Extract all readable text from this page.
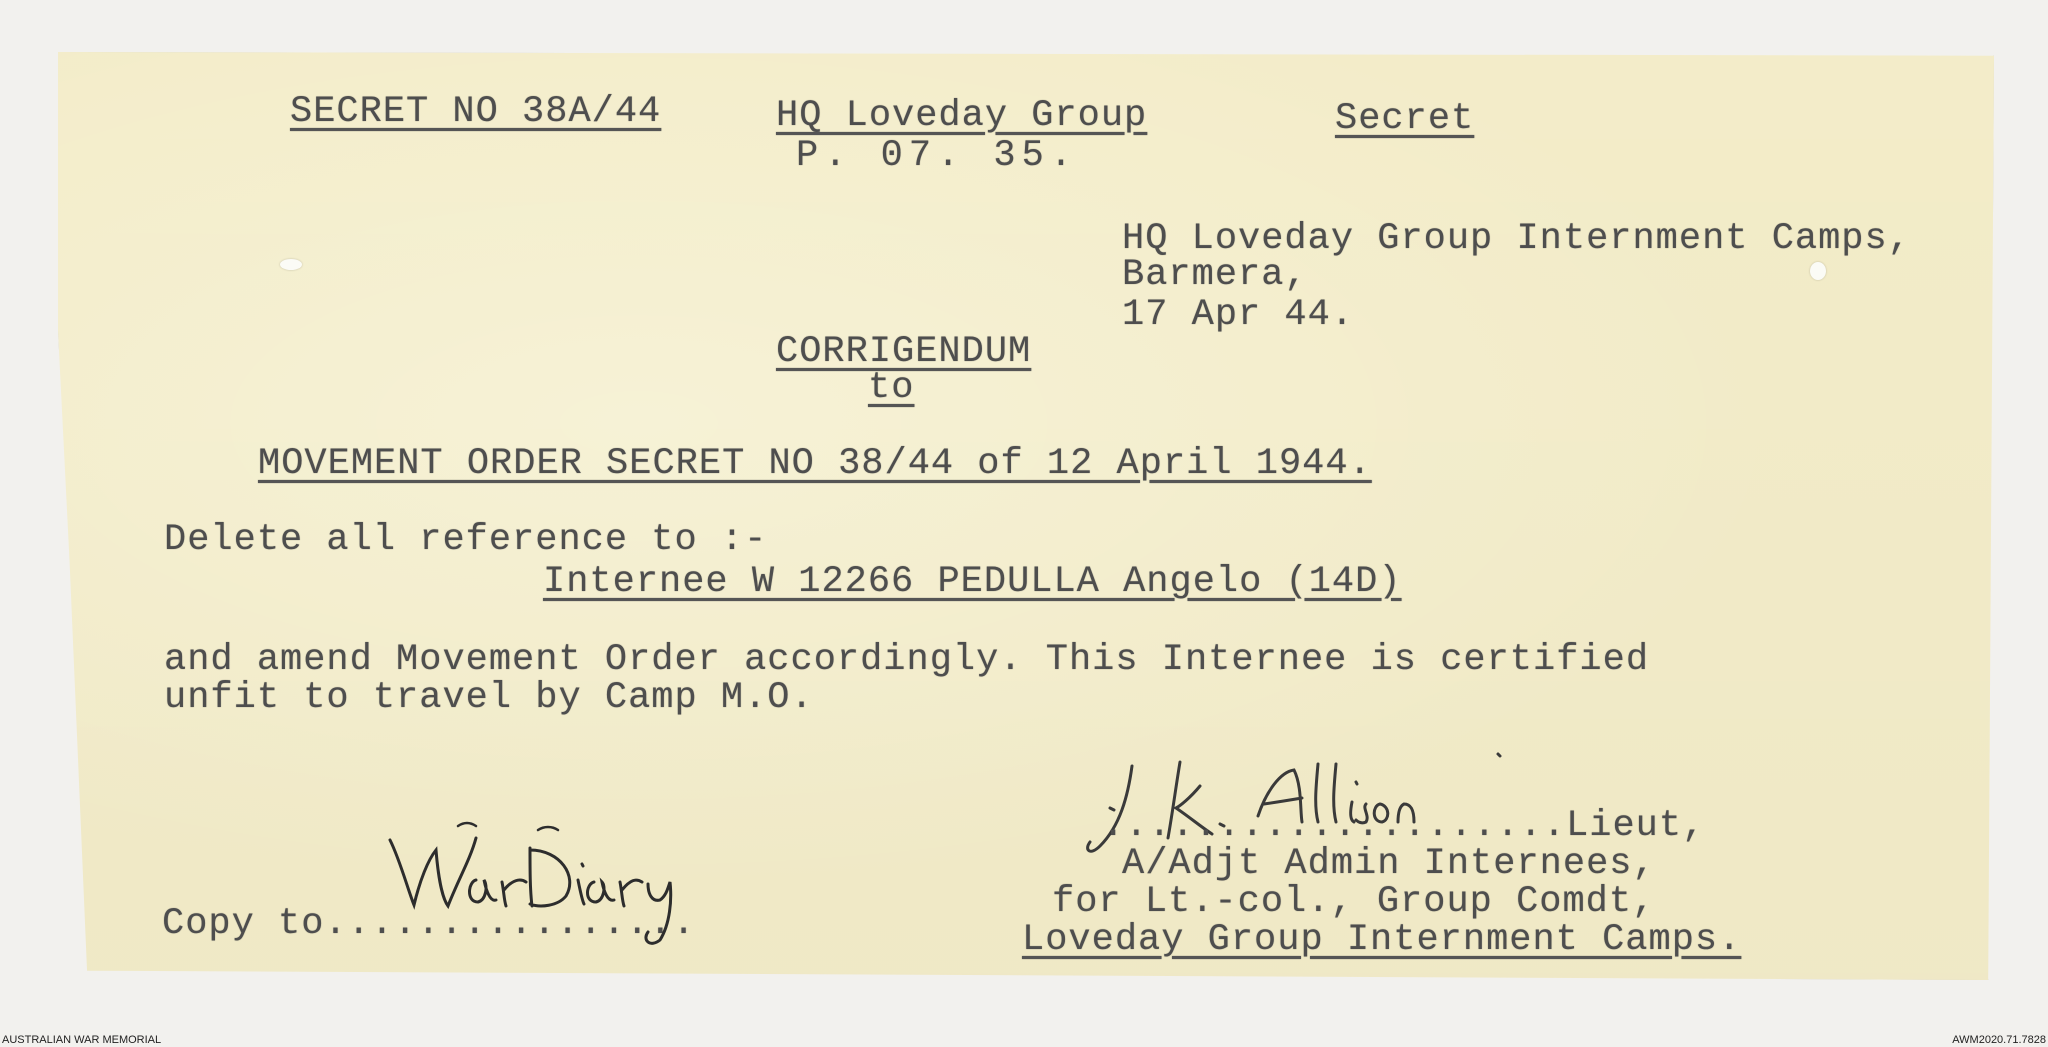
SECRET NO 38A/44	HQ Loveday Group
P. 07. 35.
Secret
HQ Loveday Group Internment Camps,
Barmera,
17 Apr 44.
CORRIGENDUM
to
MOVEMENT ORDER SECRET NO 38/44 of 12 April 1944.
Delete all reference to :-
Internee W 12266 PEDULLA Angelo (14D)
and amend Movement Order accordingly. This Internee is certified
unfit to travel by Camp M.O.
Copy to................
....................Lieut,
A/Adjt Admin Internees,
for Lt.-col., Group Comdt,
Loveday Group Internment Camps.
AUSTRALIAN WAR MEMORIAL	AWM2020.71.7828
